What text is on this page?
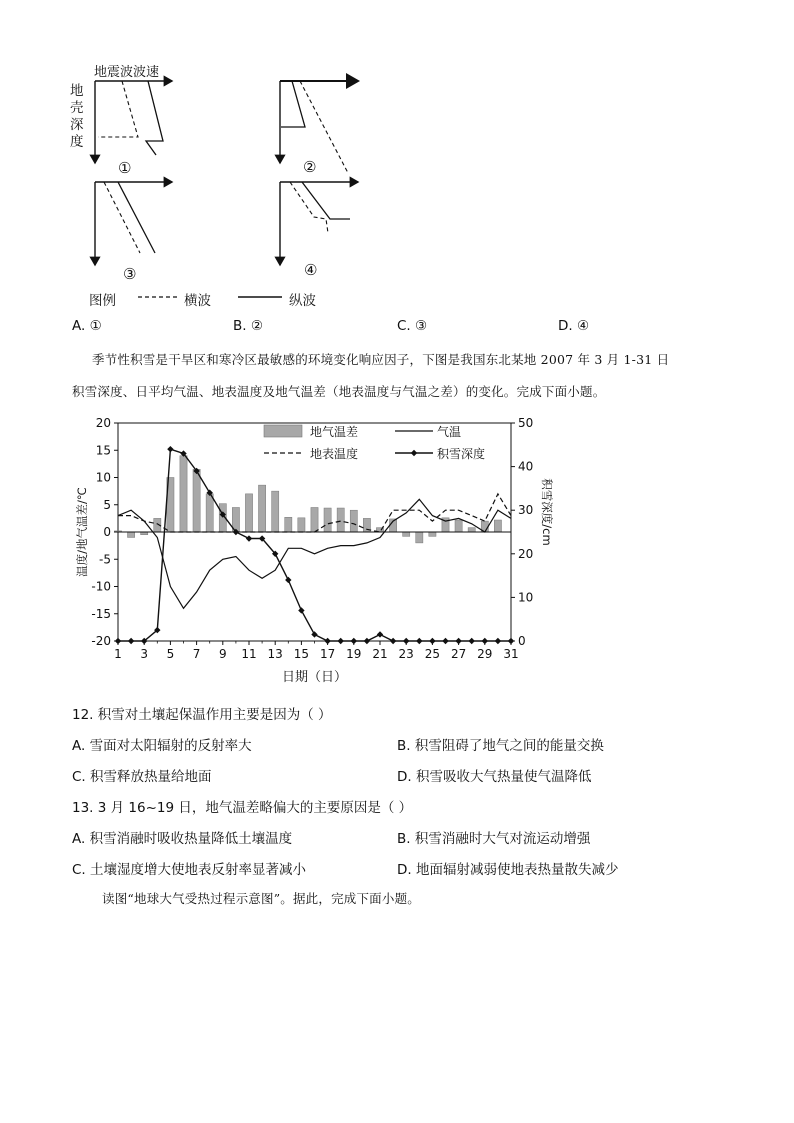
地震波波速
地
壳
深
度
①	②
③	④
图例	横波	纵波
A. ①	B. ②	C. ③	D. ④
季节性积雪是干旱区和寒冷区最敏感的环境变化响应因子，下图是我国东北某地 2007 年 3 月 1-31 日
积雪深度、日平均气温、地表温度及地气温差（地表温度与气温之差）的变化。完成下面小题。
20
15
10
5
0
-5
-10
-15
-20
50
40
30
20
10
0
1 3 5 7 9 11 13 15 17 19 21 23 25 27 29 31
日期（日）
温度/地气温差/℃	积雪深度/cm
地气温差	气温
地表温度	积雪深度
12. 积雪对土壤起保温作用主要是因为（ ）
A. 雪面对太阳辐射的反射率大	B. 积雪阻碍了地气之间的能量交换
C. 积雪释放热量给地面	D. 积雪吸收大气热量使气温降低
13. 3 月 16~19 日，地气温差略偏大的主要原因是（ ）
A. 积雪消融时吸收热量降低土壤温度	B. 积雪消融时大气对流运动增强
C. 土壤湿度增大使地表反射率显著减小	D. 地面辐射减弱使地表热量散失减少
读图“地球大气受热过程示意图”。据此，完成下面小题。
